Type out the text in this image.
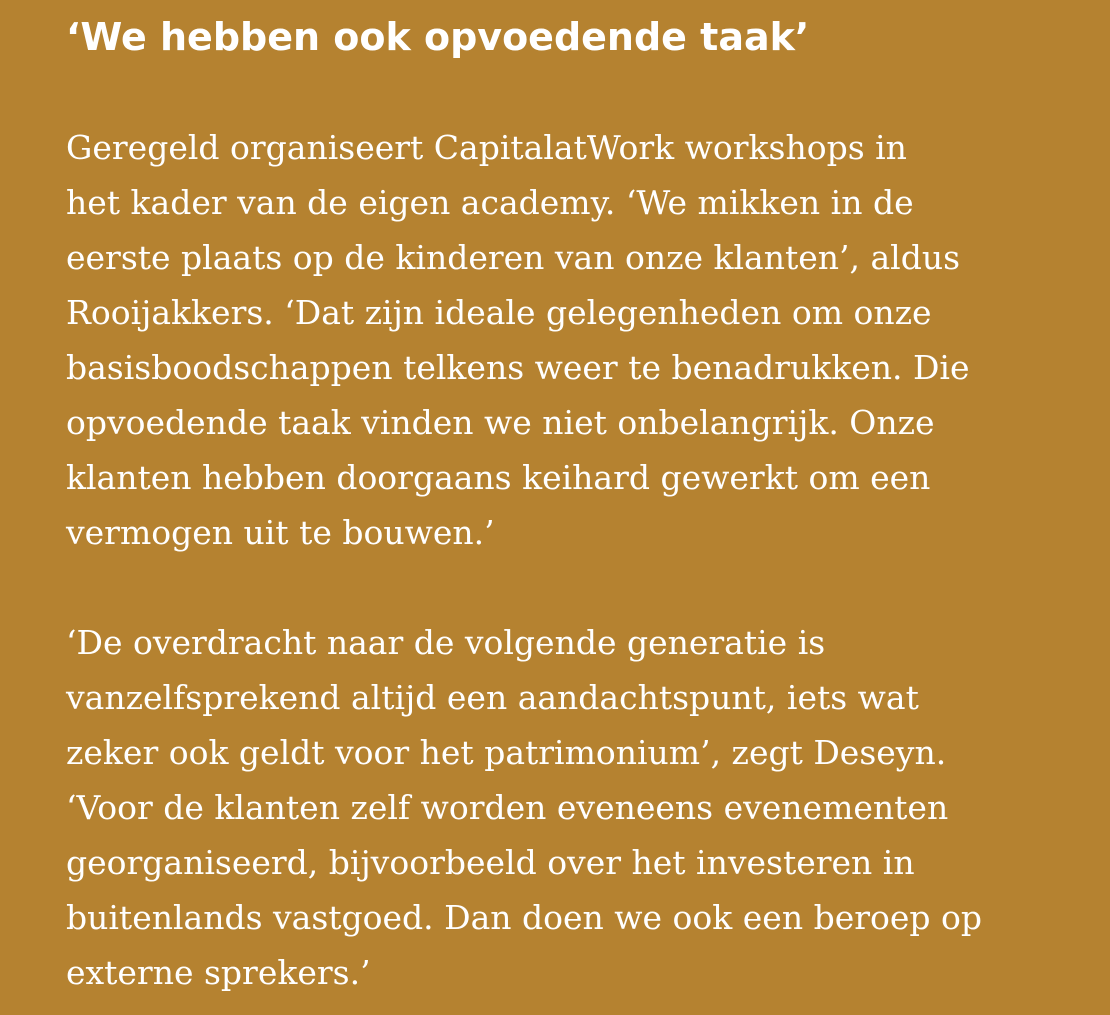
‘We hebben ook opvoedende taak’

Geregeld organiseert CapitalatWork workshops in
het kader van de eigen academy. ‘We mikken in de
eerste plaats op de kinderen van onze klanten’, aldus
Rooijakkers. ‘Dat zijn ideale gelegenheden om onze
basisboodschappen telkens weer te benadrukken. Die
opvoedende taak vinden we niet onbelangrijk. Onze
klanten hebben doorgaans keihard gewerkt om een
vermogen uit te bouwen.’

‘De overdracht naar de volgende generatie is
vanzelfsprekend altijd een aandachtspunt, iets wat
zeker ook geldt voor het patrimonium’, zegt Deseyn.
‘Voor de klanten zelf worden eveneens evenementen
georganiseerd, bijvoorbeeld over het investeren in
buitenlands vastgoed. Dan doen we ook een beroep op
externe sprekers.’
